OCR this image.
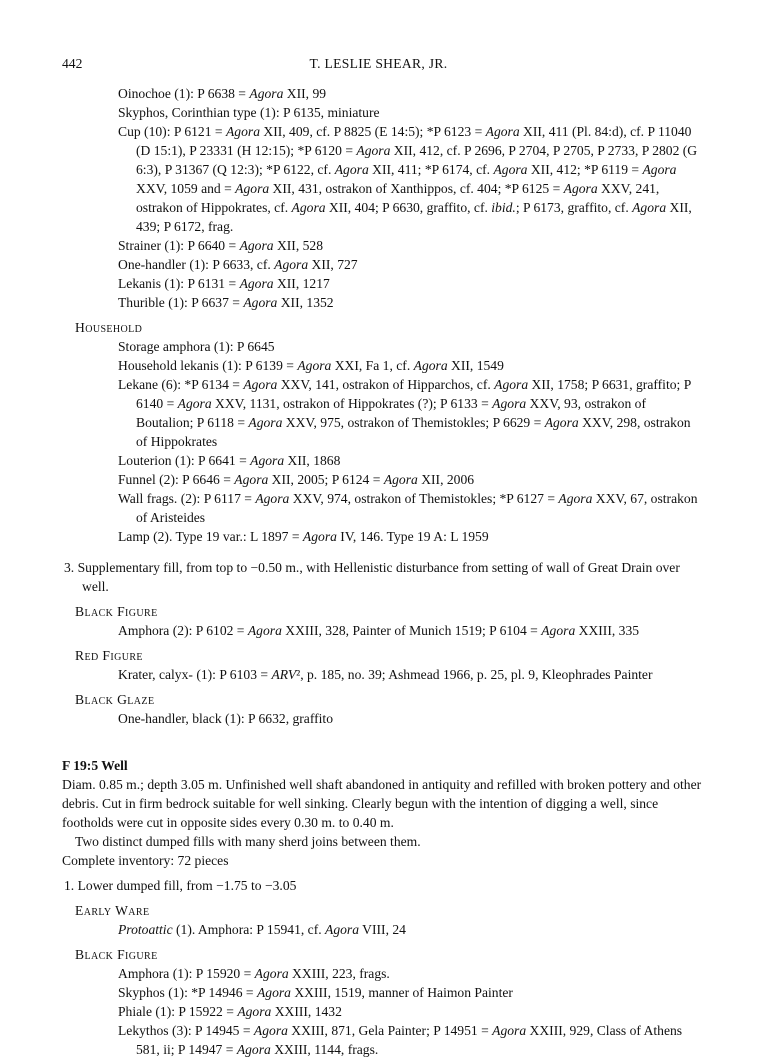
442	T. LESLIE SHEAR, JR.
Oinochoe (1): P 6638 = Agora XII, 99
Skyphos, Corinthian type (1): P 6135, miniature
Cup (10): P 6121 = Agora XII, 409, cf. P 8825 (E 14:5); *P 6123 = Agora XII, 411 (Pl. 84:d), cf. P 11040 (D 15:1), P 23331 (H 12:15); *P 6120 = Agora XII, 412, cf. P 2696, P 2704, P 2705, P 2733, P 2802 (G 6:3), P 31367 (Q 12:3); *P 6122, cf. Agora XII, 411; *P 6174, cf. Agora XII, 412; *P 6119 = Agora XXV, 1059 and = Agora XII, 431, ostrakon of Xanthippos, cf. 404; *P 6125 = Agora XXV, 241, ostrakon of Hippokrates, cf. Agora XII, 404; P 6630, graffito, cf. ibid.; P 6173, graffito, cf. Agora XII, 439; P 6172, frag.
Strainer (1): P 6640 = Agora XII, 528
One-handler (1): P 6633, cf. Agora XII, 727
Lekanis (1): P 6131 = Agora XII, 1217
Thurible (1): P 6637 = Agora XII, 1352
Household
Storage amphora (1): P 6645
Household lekanis (1): P 6139 = Agora XXI, Fa 1, cf. Agora XII, 1549
Lekane (6): *P 6134 = Agora XXV, 141, ostrakon of Hipparchos, cf. Agora XII, 1758; P 6631, graffito; P 6140 = Agora XXV, 1131, ostrakon of Hippokrates (?); P 6133 = Agora XXV, 93, ostrakon of Boutalion; P 6118 = Agora XXV, 975, ostrakon of Themistokles; P 6629 = Agora XXV, 298, ostrakon of Hippokrates
Louterion (1): P 6641 = Agora XII, 1868
Funnel (2): P 6646 = Agora XII, 2005; P 6124 = Agora XII, 2006
Wall frags. (2): P 6117 = Agora XXV, 974, ostrakon of Themistokles; *P 6127 = Agora XXV, 67, ostrakon of Aristeides
Lamp (2). Type 19 var.: L 1897 = Agora IV, 146. Type 19 A: L 1959
3. Supplementary fill, from top to −0.50 m., with Hellenistic disturbance from setting of wall of Great Drain over well.
Black Figure
Amphora (2): P 6102 = Agora XXIII, 328, Painter of Munich 1519; P 6104 = Agora XXIII, 335
Red Figure
Krater, calyx- (1): P 6103 = ARV², p. 185, no. 39; Ashmead 1966, p. 25, pl. 9, Kleophrades Painter
Black Glaze
One-handler, black (1): P 6632, graffito
F 19:5 Well
Diam. 0.85 m.; depth 3.05 m. Unfinished well shaft abandoned in antiquity and refilled with broken pottery and other debris. Cut in firm bedrock suitable for well sinking. Clearly begun with the intention of digging a well, since footholds were cut in opposite sides every 0.30 m. to 0.40 m.
Two distinct dumped fills with many sherd joins between them.
Complete inventory: 72 pieces
1. Lower dumped fill, from −1.75 to −3.05
Early Ware
Protoattic (1). Amphora: P 15941, cf. Agora VIII, 24
Black Figure
Amphora (1): P 15920 = Agora XXIII, 223, frags.
Skyphos (1): *P 14946 = Agora XXIII, 1519, manner of Haimon Painter
Phiale (1): P 15922 = Agora XXIII, 1432
Lekythos (3): P 14945 = Agora XXIII, 871, Gela Painter; P 14951 = Agora XXIII, 929, Class of Athens 581, ii; P 14947 = Agora XXIII, 1144, frags.
